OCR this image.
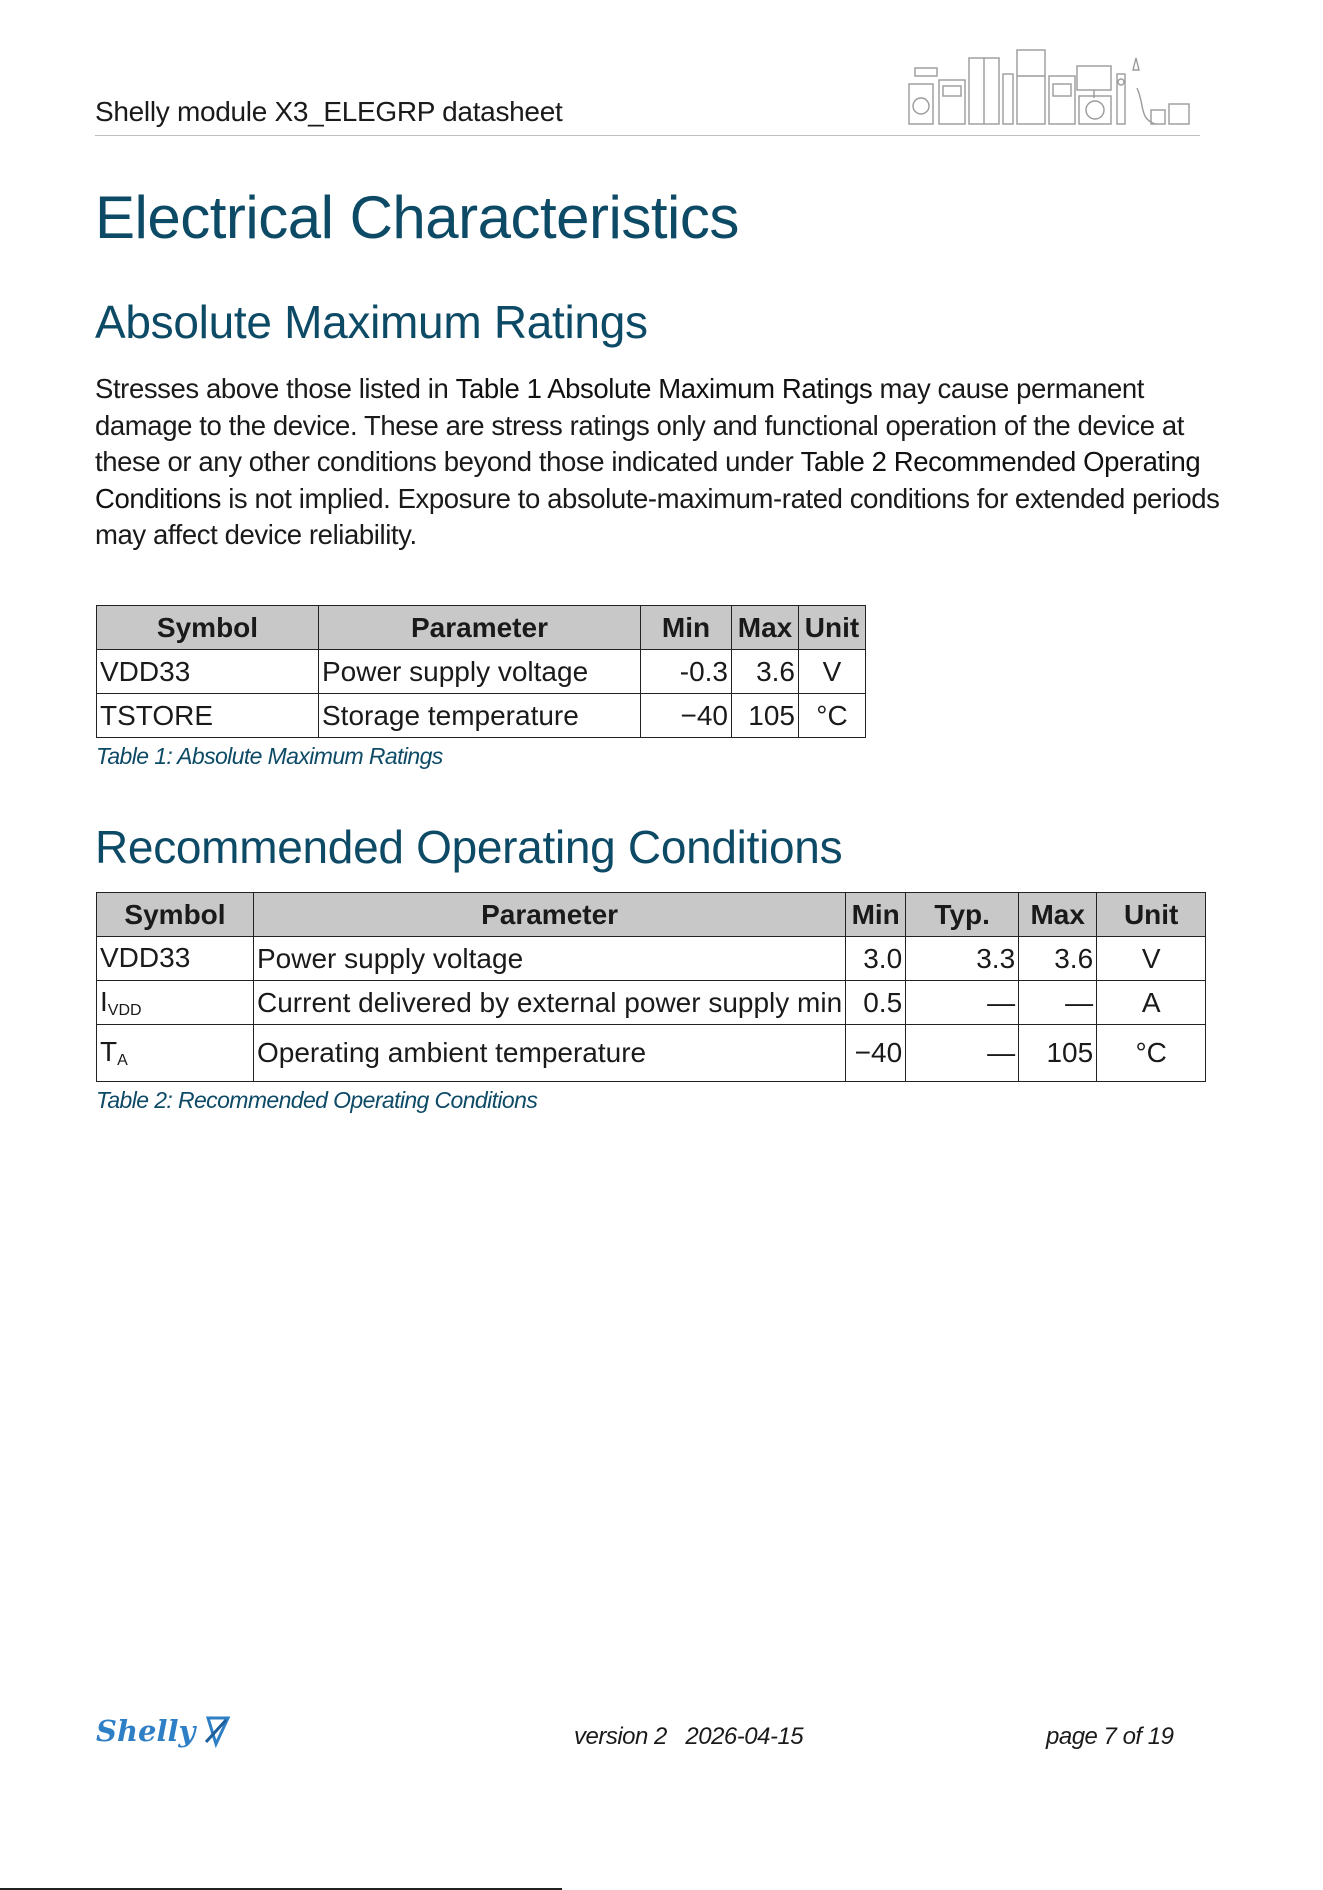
Shelly module X3_ELEGRP datasheet
Electrical Characteristics
Absolute Maximum Ratings

Stresses above those listed in Table 1 Absolute Maximum Ratings may cause permanent damage to the device. These are stress ratings only and functional operation of the device at these or any other conditions beyond those indicated under Table 2 Recommended Operating Conditions is not implied. Exposure to absolute-maximum-rated conditions for extended periods may affect device reliability.

Symbol	Parameter	Min	Max	Unit
VDD33	Power supply voltage	-0.3	3.6	V
TSTORE	Storage temperature	−40	105	°C

Table 1: Absolute Maximum Ratings

Recommended Operating Conditions
Symbol	Parameter	Min	Typ.	Max	Unit
VDD33	Power supply voltage	3.0	3.3	3.6	V
$I_{VDD}$	Current delivered by external power supply min	0.5	—	—	A
$T_A$	Operating ambient temperature	−40	—	105	°C

Table 2: Recommended Operating Conditions

Shelly	version 2   2026-04-15	page 7 of 19
